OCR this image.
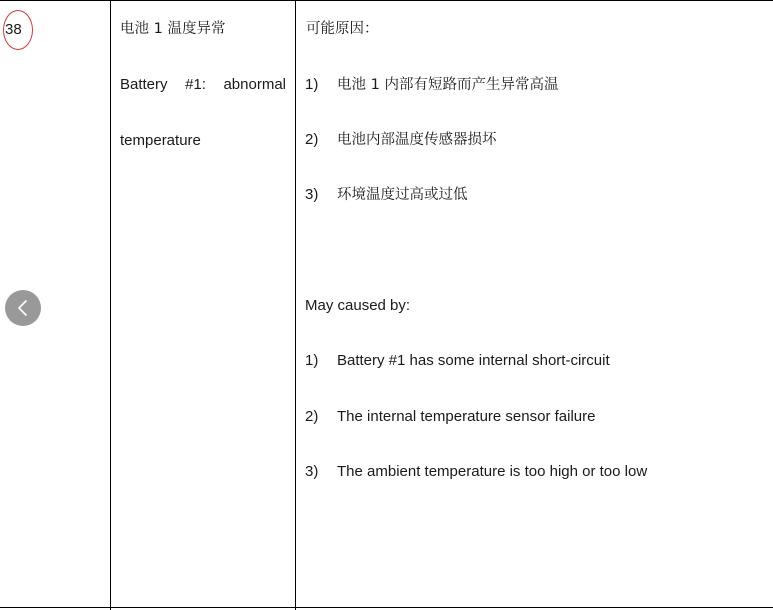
38	电池 1 温度异常
Battery #1: abnormal
temperature
可能原因：
1) 电池 1 内部有短路而产生异常高温
2) 电池内部温度传感器损坏
3) 环境温度过高或过低
May caused by:
1) Battery #1 has some internal short-circuit
2) The internal temperature sensor failure
3) The ambient temperature is too high or too low
